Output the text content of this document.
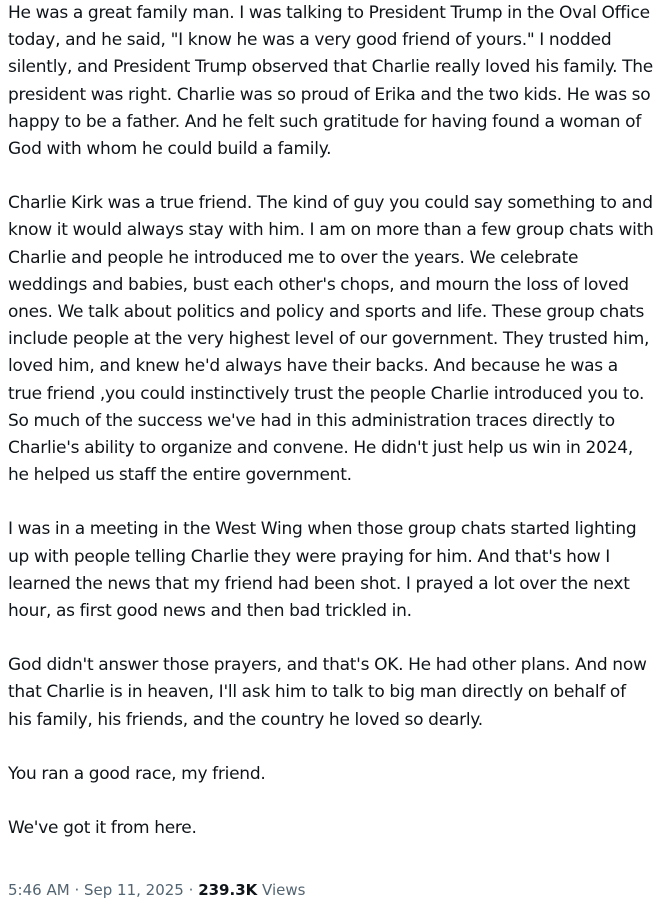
He was a great family man. I was talking to President Trump in the Oval Office today, and he said, "I know he was a very good friend of yours." I nodded silently, and President Trump observed that Charlie really loved his family. The president was right. Charlie was so proud of Erika and the two kids. He was so happy to be a father. And he felt such gratitude for having found a woman of God with whom he could build a family.

Charlie Kirk was a true friend. The kind of guy you could say something to and know it would always stay with him. I am on more than a few group chats with Charlie and people he introduced me to over the years. We celebrate weddings and babies, bust each other's chops, and mourn the loss of loved ones. We talk about politics and policy and sports and life. These group chats include people at the very highest level of our government. They trusted him, loved him, and knew he'd always have their backs. And because he was a true friend ,you could instinctively trust the people Charlie introduced you to. So much of the success we've had in this administration traces directly to Charlie's ability to organize and convene. He didn't just help us win in 2024, he helped us staff the entire government.

I was in a meeting in the West Wing when those group chats started lighting up with people telling Charlie they were praying for him. And that's how I learned the news that my friend had been shot. I prayed a lot over the next hour, as first good news and then bad trickled in.

God didn't answer those prayers, and that's OK. He had other plans. And now that Charlie is in heaven, I'll ask him to talk to big man directly on behalf of his family, his friends, and the country he loved so dearly.

You ran a good race, my friend.

We've got it from here.

5:46 AM · Sep 11, 2025 · 239.3K Views
